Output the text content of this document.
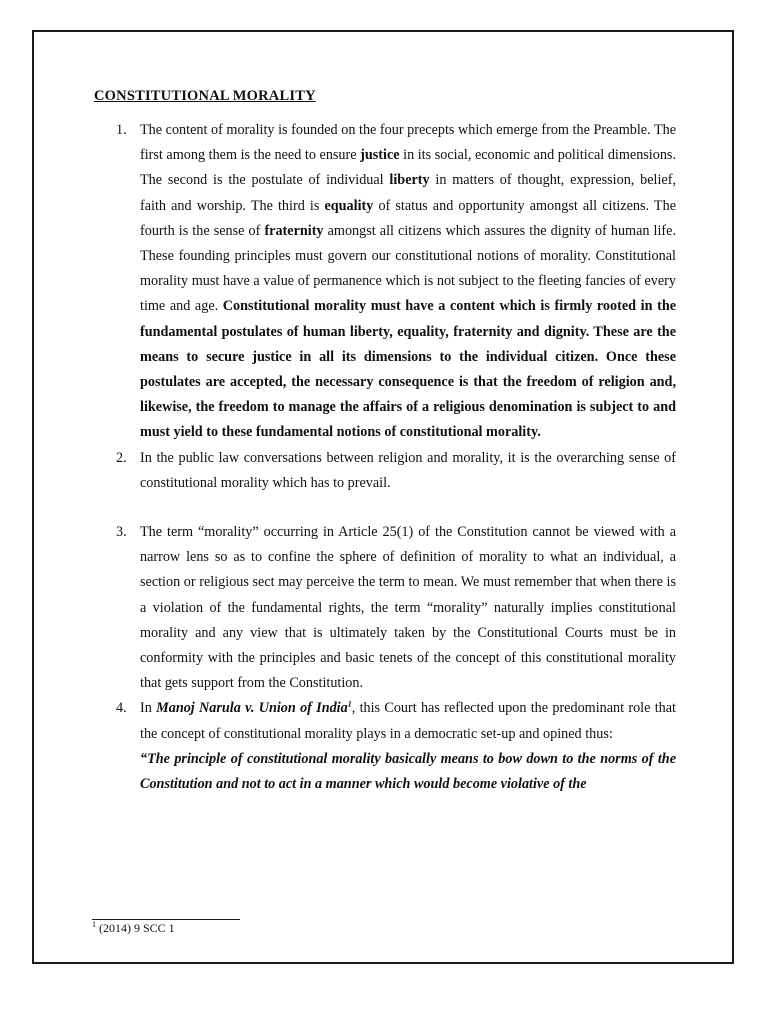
CONSTITUTIONAL MORALITY
1. The content of morality is founded on the four precepts which emerge from the Preamble. The first among them is the need to ensure justice in its social, economic and political dimensions. The second is the postulate of individual liberty in matters of thought, expression, belief, faith and worship. The third is equality of status and opportunity amongst all citizens. The fourth is the sense of fraternity amongst all citizens which assures the dignity of human life. These founding principles must govern our constitutional notions of morality. Constitutional morality must have a value of permanence which is not subject to the fleeting fancies of every time and age. Constitutional morality must have a content which is firmly rooted in the fundamental postulates of human liberty, equality, fraternity and dignity. These are the means to secure justice in all its dimensions to the individual citizen. Once these postulates are accepted, the necessary consequence is that the freedom of religion and, likewise, the freedom to manage the affairs of a religious denomination is subject to and must yield to these fundamental notions of constitutional morality.
2. In the public law conversations between religion and morality, it is the overarching sense of constitutional morality which has to prevail.
3. The term “morality” occurring in Article 25(1) of the Constitution cannot be viewed with a narrow lens so as to confine the sphere of definition of morality to what an individual, a section or religious sect may perceive the term to mean. We must remember that when there is a violation of the fundamental rights, the term “morality” naturally implies constitutional morality and any view that is ultimately taken by the Constitutional Courts must be in conformity with the principles and basic tenets of the concept of this constitutional morality that gets support from the Constitution.
4. In Manoj Narula v. Union of India$^1$, this Court has reflected upon the predominant role that the concept of constitutional morality plays in a democratic set-up and opined thus:
“The principle of constitutional morality basically means to bow down to the norms of the Constitution and not to act in a manner which would become violative of the
$^1$ (2014) 9 SCC 1
